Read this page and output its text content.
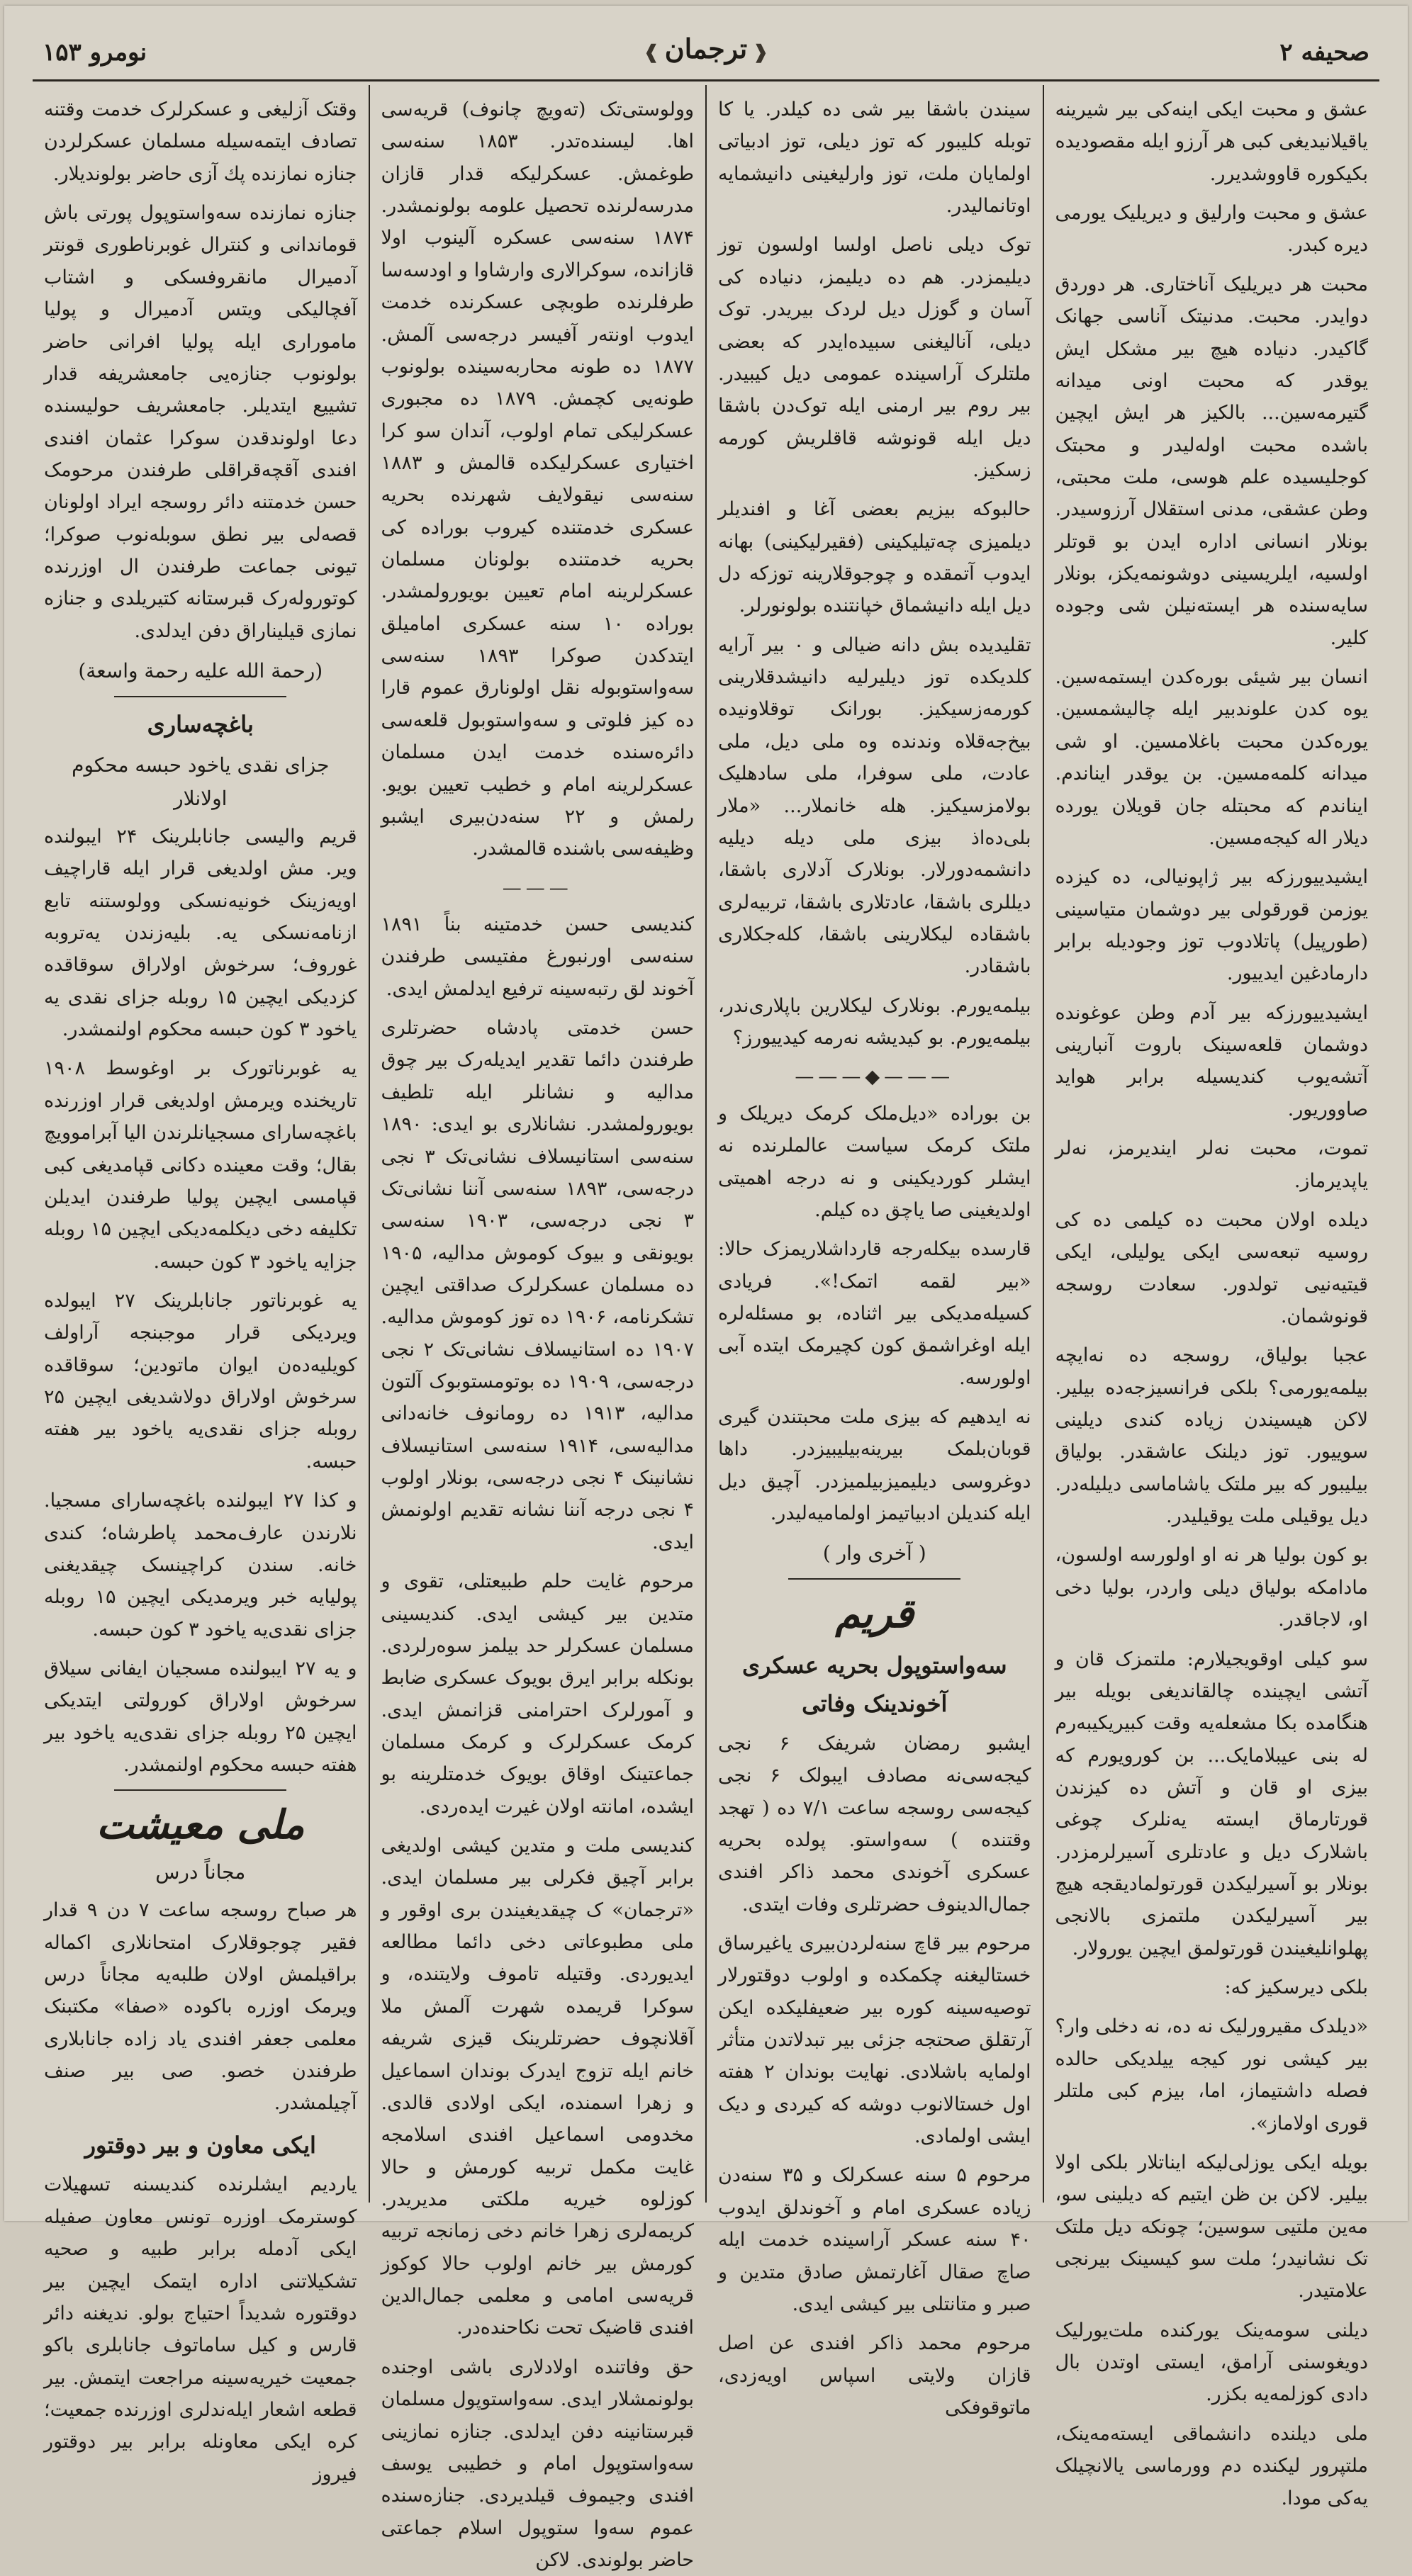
صحیفه ۲
❰ترجمان❱
نومرو ۱۵۳

عشق و محبت ایکی اینه‌کی بیر شیرینه یاقیلانیدیغی کبی هر آرزو ایله مقصودیده بکیکوره قاووشدیرر.

عشق و محبت وارلیق و دیریلیک یورمی دیره کبدر.

محبت هر دیریلیک آناختاری. هر دوردق دوایدر. محبت. مدنیتک آناسی جهانک گاکیدر. دنیاده هیچ بیر مشکل ایش یوقدر که محبت اونی میدانه گتیرمه‌سین... بالکیز هر ایش ایچین باشده محبت اوله‌لیدر و محبتک کوجلیسیده علم هوسی، ملت محبتی، وطن عشقی، مدنی استقلال آرزوسیدر. بونلار انسانی اداره ایدن بو قوتلر اولسیه، ایلریسینی دوشونمه‌یکز، بونلار سایه‌سنده هر ایسته‌نیلن شی وجوده کلیر.

انسان بیر شیئی بوره‌کدن ایستمه‌سین. یوه کدن علوندبیر ایله چالیشمسین. یوره‌کدن محبت باغلامسین. او شی میدانه کلمه‌مسین. بن یوقدر ایناندم. ایناندم که محبتله جان قویلان یورده دیلار اله کیجه‌مسین.

ایشیدییورزکه بیر ژاپونیالی، ده کیزده یوزمن قورقولی بیر دوشمان متیاسینی (طورپیل) پاتلادوب توز وجودیله برابر دارمادغین ایدییور.

ایشیدییورزکه بیر آدم وطن عوغونده دوشمان قلعه‌سینک باروت آنبارینی آتشه‌یوب کندیسیله برابر هواید صاووریور.

تموت، محبت نه‌لر ایندیرمز، نه‌لر یاپدیرماز.

دیلده اولان محبت ده کیلمی ده کی روسیه تبعه‌سی ایکی یولیلی، ایکی قیتیه‌نیی تولدور. سعادت روسجه قونوشمان.

عجبا بولیاق، روسجه ده نه‌ایچه بیلمه‌یورمی؟ بلکی فرانسیزجه‌ده بیلیر. لاکن هیسیندن زیاده کندی دیلینی سوییور. توز دیلنک عاشقدر. بولیاق بیلیبور که بیر ملتک یاشاماسی دیلیله‌در. دیل یوقیلی ملت یوقیلیدر.

بو کون بولیا هر نه او اولورسه اولسون، مادامکه بولیاق دیلی واردر، بولیا دخی او، لاجاقدر.

سو کیلی اوقویجیلارم: ملتمزک قان و آتشی ایچینده چالقاندیغی بویله بیر هنگامده بکا مشعله‌یه وقت کبیریکیبه‌رم له بنی عیبلامایک... بن کورویورم که بیزی او قان و آتش ده کیزندن قورتارماق ایسته یه‌نلرک چوغی باشلارک دیل و عادتلری آسیرلرمزدر. بونلار بو آسیرلیکدن قورتولمادیقجه هیچ بیر آسیرلیکدن ملتمزی بالانجی پهلوانلیغیندن قورتولمق ایچین یورولار.

بلکی دیرسکیز که:

«دیلدک مقیرورلیک نه ده، نه دخلی وار؟ بیر کیشی نور کیجه ییلدیکی حالده فصله داشتیماز، اما، بیزم کبی ملتلر قوری اولاماز».

بویله ایکی یوزلی‌لیکه ایناتلار بلکی اولا بیلیر. لاکن بن ظن ایتیم که دیلینی سو، مه‌ین ملتیی سوسین؛ چونکه دیل ملتک تک نشانیدر؛ ملت سو کیسینک بیرنجی علامتیدر.

دیلنی سومه‌ینک یورکنده ملت‌یورلیک دویغوسنی آرامق، ایستی اوتدن بال دادی کوزلمه‌یه بکزر.

ملی دیلنده دانشماقی ایسته‌مه‌ینک، ملتپرور لیکنده دم وورماسی یالانچیلک یه‌کی مودا.

سیندن باشقا بیر شی ده کیلدر. یا کا توبله کلیبور که توز دیلی، توز ادبیاتی اولمایان ملت، توز وارلیغینی دانیشمایه اوتانمالیدر.

توک دیلی ناصل اولسا اولسون توز دیلیمزدر. هم ده دیلیمز، دنیاده کی آسان و گوزل دیل لردک بیریدر. توک دیلی، آنالیغنی سبیده‌ایدر که بعضی ملتلرک آراسینده عمومی دیل کیبیدر. بیر روم بیر ارمنی ایله توک‌دن باشقا دیل ایله قونوشه قاقلریش کورمه زسکیز.

حالبوکه بیزیم بعضی آغا و افندیلر دیلمیزی چه‌تیلیکینی (فقیرلیکینی) بهانه ایدوب آتمقده و چوجوقلارینه توزکه دل دیل ایله دانیشماق خپانتنده بولونورلر.

تقلیدیده بش دانه ضیالی و ۰ بیر آرایه کلدیکده توز دیلیرلیه دانیشدقلارینی کورمه‌زسیکیز. بورانک توقلاونیده بیخ‌جه‌قلاه وندنده وه ملی دیل، ملی عادت، ملی سوفرا، ملی سادهلیک بولامزسیکیز. هله خانملار... «ملار بلی‌ده‌اذ بیزی ملی دیله دیلیه دانشمه‌دورلار. بونلارک آدلاری باشقا، دیللری باشقا، عادتلاری باشقا، تربیه‌لری باشقاده لیکلارینی باشقا، کله‌جکلاری باشقادر.

بیلمه‌یورم. بونلارک لیکلارین باپلاری‌ندر، بیلمه‌یورم. بو کیدیشه نه‌رمه کیدییورز؟

———◆———

بن بوراده «دیل‌ملک کرمک دیریلک و ملتک کرمک سیاست عالملرنده نه ایشلر کوردیکینی و نه درجه اهمیتی اولدیغینی صا یاچق ده کیلم.

قارسده بیکله‌رجه قارداشلاریمزک حالا: «بیر لقمه اتمک!». فریادی کسیله‌مدیکی بیر اثناده، بو مسئله‌لره ایله اوغراشمق کون کچیرمک ایتده آبی اولورسه.

نه ایدهیم که بیزی ملت محبتندن گیری قوبان‌بلمک بیرینه‌بیلیبیزدر. داها دوغروسی دیلیمیزبیلمیزدر. آچیق دیل ایله کندیلن ادبیاتیمز اولمامیه‌لیدر.

( آخری وار )
قریم
سه‌واستوپول بحریه عسکری آخوندینک وفاتی

ایشبو رمضان شریفک ۶ نجی کیجه‌سی‌نه مصادف ایبولک ۶ نجی کیجه‌سی روسجه ساعت ۷/۱ ده ( تهجد وقتنده ) سه‌واستو. پولده بحریه عسکری آخوندی محمد ذاکر افندی جمال‌الدینوف حضرتلری وفات ایتدی.

مرحوم بیر قاچ سنه‌لردن‌بیری یاغیرساق خستالیغنه چکمکده و اولوب دوقتورلار توصیه‌سینه کوره بیر ضعیفلیکده ایکن آرتقلق صحتجه جزئی بیر تبدلاتدن متأثر اولمایه باشلادی. نهایت بوندان ۲ هفته اول خستالانوب دوشه که کیردی و دیک ایشی اولمادی.

مرحوم ۵ سنه عسکرلک و ۳۵ سنه‌دن زیاده عسکری امام و آخوندلق ایدوب ۴۰ سنه عسکر آراسینده خدمت ایله صاچ صقال آغارتمش صادق متدین و صبر و متانتلی بیر کیشی ایدی.

مرحوم محمد ذاکر افندی عن اصل قازان ولایتی اسپاس اویه‌زدی، ماتوقوفکی

وولوستی‌تک (ته‌ویچ چانوف) قریه‌سی اها. لیسنده‌تدر. ۱۸۵۳ سنه‌سی طوغمش. عسکرلیکه قدار قازان مدرسه‌لرنده تحصیل علومه بولونمشدر. ۱۸۷۴ سنه‌سی عسکره آلینوب اولا قازانده، سوکرالاری وارشاوا و اودسه‌سا طرفلرنده طوبچی عسکرنده خدمت ایدوب اونته‌ر آفیسر درجه‌سی آلمش. ۱۸۷۷ ده طونه محاربه‌سینده بولونوب طونه‌یی کچمش. ۱۸۷۹ ده مجبوری عسکرلیکی تمام اولوب، آندان سو کرا اختیاری عسکرلیکده قالمش و ۱۸۸۳ سنه‌سی نیقولایف شهرنده بحریه عسکری خدمتنده کیروب بوراده کی بحریه خدمتنده بولونان مسلمان عسکرلرینه امام تعیین بویورولمشدر. بوراده ۱۰ سنه عسکری امامیلق ایتدکدن صوکرا ۱۸۹۳ سنه‌سی سه‌واستوبوله نقل اولونارق عموم قارا ده کیز فلوتی و سه‌واستوبول قلعه‌سی دائره‌سنده خدمت ایدن مسلمان عسکرلرینه امام و خطیب تعیین بویو. رلمش و ۲۲ سنه‌دن‌بیری ایشبو وظیفه‌سی باشنده قالمشدر.

———

کندیسی حسن خدمتینه بناً ۱۸۹۱ سنه‌سی اورنبورغ مفتیسی طرفندن آخوند لق رتبه‌سینه ترفیع ایدلمش ایدی.

حسن خدمتی پادشاه حضرتلری طرفندن دائما تقدیر ایدیله‌رک بیر چوق مدالیه و نشانلر ایله تلطیف بویورولمشدر. نشانلاری بو ایدی: ۱۸۹۰ سنه‌سی استانیسلاف نشانی‌تک ۳ نجی درجه‌سی، ۱۸۹۳ سنه‌سی آننا نشانی‌تک ۳ نجی درجه‌سی، ۱۹۰۳ سنه‌سی بویونقی و بیوک کوموش مدالیه، ۱۹۰۵ ده مسلمان عسکرلرک صداقتی ایچین تشکرنامه، ۱۹۰۶ ده توز کوموش مدالیه. ۱۹۰۷ ده استانیسلاف نشانی‌تک ۲ نجی درجه‌سی، ۱۹۰۹ ده بوتومستوبوک آلتون مدالیه، ۱۹۱۳ ده روما‌نوف خانه‌دانی مدالیه‌سی، ۱۹۱۴ سنه‌سی استانیسلاف نشانینک ۴ نجی درجه‌سی، بونلار اولوب ۴ نجی درجه آننا نشانه تقدیم اولونمش ایدی.

مرحوم غایت حلم طبیعتلی، تقوی و متدین بیر کیشی ایدی. کندیسینی مسلمان عسکرلر حد بیلمز سوه‌رلردی. بونکله برابر ایرق بویوک عسکری ضابط و آمورلرک احترامنی قزانمش ایدی. کرمک عسکرلرک و کرمک مسلمان جماعتینک اوقاق بویوک خدمتلرینه بو ایشده، امانته اولان غیرت ایده‌ردی.

کندیسی ملت و متدین کیشی اولدیغی برابر آچیق فکرلی بیر مسلمان ایدی. «ترجمان» ک چیقدیغیندن بری اوقور و ملی مطبوعاتی دخی دائما مطالعه ایدیوردی. وقتیله تاموف ولایتنده، و سوکرا قریمده شهرت آلمش ملا آقلانچوف حضرتلرینک قیزی شریفه خانم ایله تزوج ایدرک بوندان اسماعیل و زهرا اسمنده، ایکی اولادی قالدی. مخدومی اسماعیل افندی اسلامجه غایت مکمل تربیه کورمش و حالا کوزلوه خیریه ملکتی مدیریدر. کریمه‌لری زهرا خانم دخی زمانجه تربیه کورمش بیر خانم اولوب حالا کوکوز قریه‌سی امامی و معلمی جمال‌الدین افندی قاضیک تحت نکاحنده‌در.

حق وفاتنده اولادلاری باشی اوجنده بولونمشلار ایدی. سه‌واستوپول مسلمان قبرستانینه دفن ایدلدی. جنازه نمازینی سه‌واستوپول امام و خطیبی یوسف افندی وجیموف قیلدیردی. جنازه‌سنده عموم سه‌وا ستوپول اسلام جماعتی حاضر بولوندی. لاکن

وقتک آزلیغی و عسکرلرک خدمت وقتنه تصادف ایتمه‌سیله مسلمان عسکرلردن جنازه نمازنده پك آزی حاضر بولوندیلار.

جنازه نمازنده سه‌واستوپول پورتی باش قوماندانی و کنترال غوبرناطوری قونتر آدمیرال مانقروفسکی و اشتاب آفچالیکی ویتس آدمیرال و پولیا ماموراری ایله پولیا افرانی حاضر بولونوب جنازه‌یی جامعشریفه قدار تشییع ایتدیلر. جامعشریف حولیسنده دعا اولوندقدن سوکرا عثمان افندی افندی آقچه‌قراقلی طرفندن مرحومک حسن خدمتنه دائر روسجه ایراد اولونان قصه‌لی بیر نطق سوبله‌نوب صوکرا؛ تیونی جماعت طرفندن ال اوزرنده کوتوروله‌رک قبرستانه کتیریلدی و جنازه نمازی قیلیناراق دفن ایدلدی.

(رحمة الله علیه رحمة واسعة)
باغچه‌ساری
جزای نقدی یاخود حبسه محکوم اولانلار

قریم والیسی جانابلرینک ۲۴ ایبولنده ویر. مش اولدیغی قرار ایله قاراچیف اویه‌زینک خونیه‌نسکی وولوستنه تابع ازنامه‌نسکی یه. بلیه‌زندن یه‌تروبه غوروف؛ سرخوش اولاراق سوقاقده کزدیکی ایچین ۱۵ روبله جزای نقدی یه یاخود ۳ کون حبسه محکوم اولنمشدر.

یه غوبرناتورک بر اوغوسط ۱۹۰۸ تاریخنده ویرمش اولدیغی قرار اوزرنده باغچه‌سارای مسجیانلرندن الیا آبراموویچ بقال؛ وقت معینده دکانی قپامدیغی کبی قپامسی ایچین پولیا طرفندن ایدیلن تکلیفه دخی دیکلمه‌دیکی ایچین ۱۵ روبله جزایه یاخود ۳ کون حبسه.

یه غوبرناتور جانابلرینک ۲۷ ایبولده ویردیکی قرار موجبنجه آراولف کویلیه‌ده‌ن ایوان ماتودین؛ سوقاقده سرخوش اولاراق دولاشدیغی ایچین ۲۵ روبله جزای نقدی‌یه یاخود بیر هفته حبسه.

و کذا ۲۷ ایبولنده باغچه‌سارای مسجیا. نلارندن عارف‌محمد پاطرشاه؛ کندی خانه. سندن کراچینسک چیقدیغنی پولیایه خبر ویرمدیکی ایچین ۱۵ روبله جزای نقدی‌یه یاخود ۳ کون حبسه.

و یه ۲۷ ایبولنده مسجیان ایفانی سیلاق سرخوش اولاراق کورولتی ایتدیکی ایچین ۲۵ روبله جزای نقدی‌یه یاخود بیر هفته حبسه محکوم اولنمشدر.

ملی معیشت
مجاناً درس

هر صباح روسجه ساعت ۷ دن ۹ قدار فقیر چوجوقلارک امتحانلاری اکماله براقیلمش اولان طلبه‌یه مجاناً درس ویرمک اوزره باکوده «صفا» مکتبنک معلمی جعفر افندی یاد زاده جانابلاری طرفندن خصو. صی بیر صنف آچیلمشدر.

ایکی معاون و بیر دوقتور

یاردیم ایشلرنده کندیسنه تسهیلات کوسترمک اوزره تونس معاون صفیله ایکی آدمله برابر طبیه و صحیه تشکیلاتنی اداره ایتمک ایچین بیر دوقتوره شدیداً احتیاج بولو. ندیغنه دائر قارس و کیل ساماتوف جانابلری باکو جمعیت خیریه‌سینه مراجعت ایتمش. بیر قطعه اشعار ایله‌ندلری اوزرنده جمعیت؛ کره ایکی معاونله برابر بیر دوقتور فیروز
